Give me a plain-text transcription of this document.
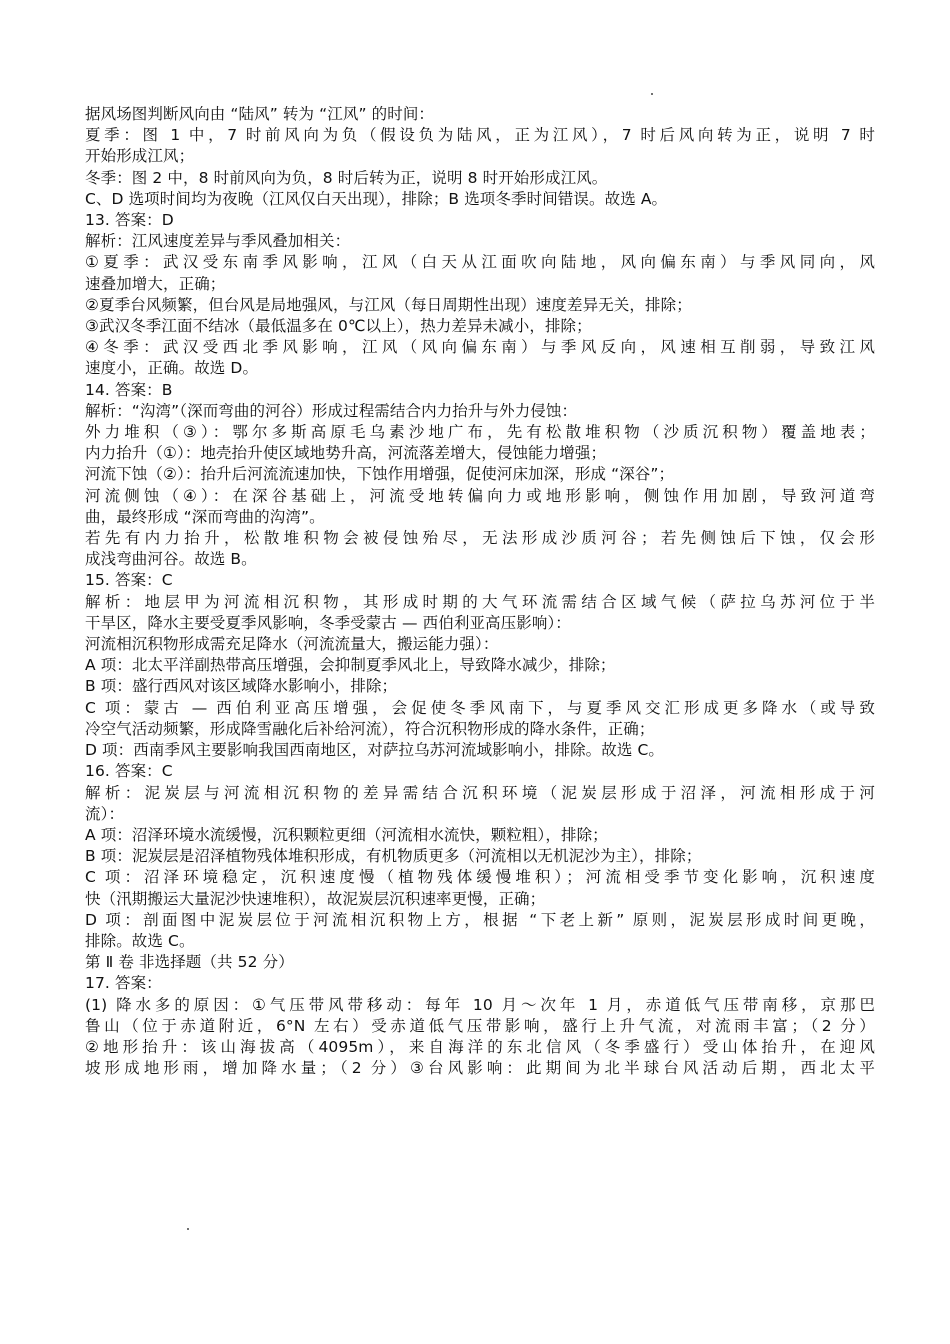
据风场图判断风向由 “陆风” 转为 “江风” 的时间：
夏季：图 1 中，7 时前风向为负（假设负为陆风，正为江风），7 时后风向转为正，说明 7 时
开始形成江风；
冬季：图 2 中，8 时前风向为负，8 时后转为正，说明 8 时开始形成江风。
C、D 选项时间均为夜晚（江风仅白天出现），排除；B 选项冬季时间错误。故选 A。
13. 答案：D
解析：江风速度差异与季风叠加相关：
①夏季：武汉受东南季风影响，江风（白天从江面吹向陆地，风向偏东南）与季风同向，风
速叠加增大，正确；
②夏季台风频繁，但台风是局地强风，与江风（每日周期性出现）速度差异无关，排除；
③武汉冬季江面不结冰（最低温多在 0℃以上），热力差异未减小，排除；
④冬季：武汉受西北季风影响，江风（风向偏东南）与季风反向，风速相互削弱，导致江风
速度小，正确。故选 D。
14. 答案：B
解析：“沟湾”（深而弯曲的河谷）形成过程需结合内力抬升与外力侵蚀：
外力堆积（③）：鄂尔多斯高原毛乌素沙地广布，先有松散堆积物（沙质沉积物）覆盖地表；
内力抬升（①）：地壳抬升使区域地势升高，河流落差增大，侵蚀能力增强；
河流下蚀（②）：抬升后河流流速加快，下蚀作用增强，促使河床加深，形成 “深谷”；
河流侧蚀（④）：在深谷基础上，河流受地转偏向力或地形影响，侧蚀作用加剧，导致河道弯
曲，最终形成 “深而弯曲的沟湾”。
若先有内力抬升，松散堆积物会被侵蚀殆尽，无法形成沙质河谷；若先侧蚀后下蚀，仅会形
成浅弯曲河谷。故选 B。
15. 答案：C
解析：地层甲为河流相沉积物，其形成时期的大气环流需结合区域气候（萨拉乌苏河位于半
干旱区，降水主要受夏季风影响，冬季受蒙古 — 西伯利亚高压影响）：
河流相沉积物形成需充足降水（河流流量大，搬运能力强）：
A 项：北太平洋副热带高压增强，会抑制夏季风北上，导致降水减少，排除；
B 项：盛行西风对该区域降水影响小，排除；
C 项：蒙古 — 西伯利亚高压增强，会促使冬季风南下，与夏季风交汇形成更多降水（或导致
冷空气活动频繁，形成降雪融化后补给河流），符合沉积物形成的降水条件，正确；
D 项：西南季风主要影响我国西南地区，对萨拉乌苏河流域影响小，排除。故选 C。
16. 答案：C
解析：泥炭层与河流相沉积物的差异需结合沉积环境（泥炭层形成于沼泽，河流相形成于河
流）：
A 项：沼泽环境水流缓慢，沉积颗粒更细（河流相水流快，颗粒粗），排除；
B 项：泥炭层是沼泽植物残体堆积形成，有机物质更多（河流相以无机泥沙为主），排除；
C 项：沼泽环境稳定，沉积速度慢（植物残体缓慢堆积）；河流相受季节变化影响，沉积速度
快（汛期搬运大量泥沙快速堆积），故泥炭层沉积速率更慢，正确；
D 项：剖面图中泥炭层位于河流相沉积物上方，根据 “下老上新” 原则，泥炭层形成时间更晚，
排除。故选 C。
第 Ⅱ 卷 非选择题（共 52 分）
17. 答案：
(1) 降水多的原因：①气压带风带移动：每年 10 月～次年 1 月，赤道低气压带南移，京那巴
鲁山（位于赤道附近，6°N 左右）受赤道低气压带影响，盛行上升气流，对流雨丰富；（2 分）
②地形抬升：该山海拔高（4095m），来自海洋的东北信风（冬季盛行）受山体抬升，在迎风
坡形成地形雨，增加降水量；（2 分）③台风影响：此期间为北半球台风活动后期，西北太平
